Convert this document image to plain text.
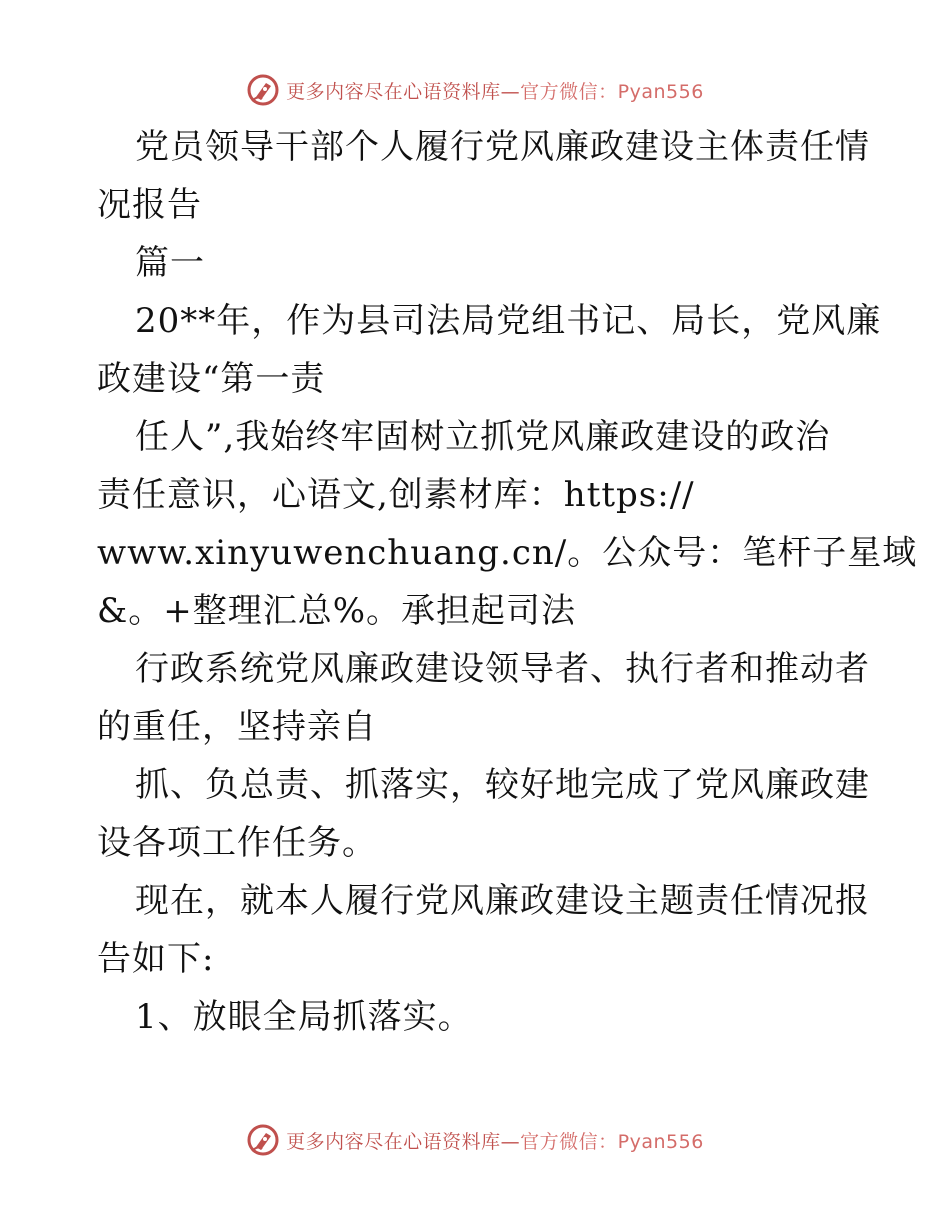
更多内容尽在心语资料库—官方微信：Pyan556
党员领导干部个人履行党风廉政建设主体责任情
况报告
篇一
20**年，作为县司法局党组书记、局长，党风廉
政建设“第一责
任人”,我始终牢固树立抓党风廉政建设的政治
责任意识，心语文,创素材库：https://
www.xinyuwenchuang.cn/。公众号：笔杆子星域
&。+整理汇总%。承担起司法
行政系统党风廉政建设领导者、执行者和推动者
的重任，坚持亲自
抓、负总责、抓落实，较好地完成了党风廉政建
设各项工作任务。
现在，就本人履行党风廉政建设主题责任情况报
告如下:
1、放眼全局抓落实。
更多内容尽在心语资料库—官方微信：Pyan556
